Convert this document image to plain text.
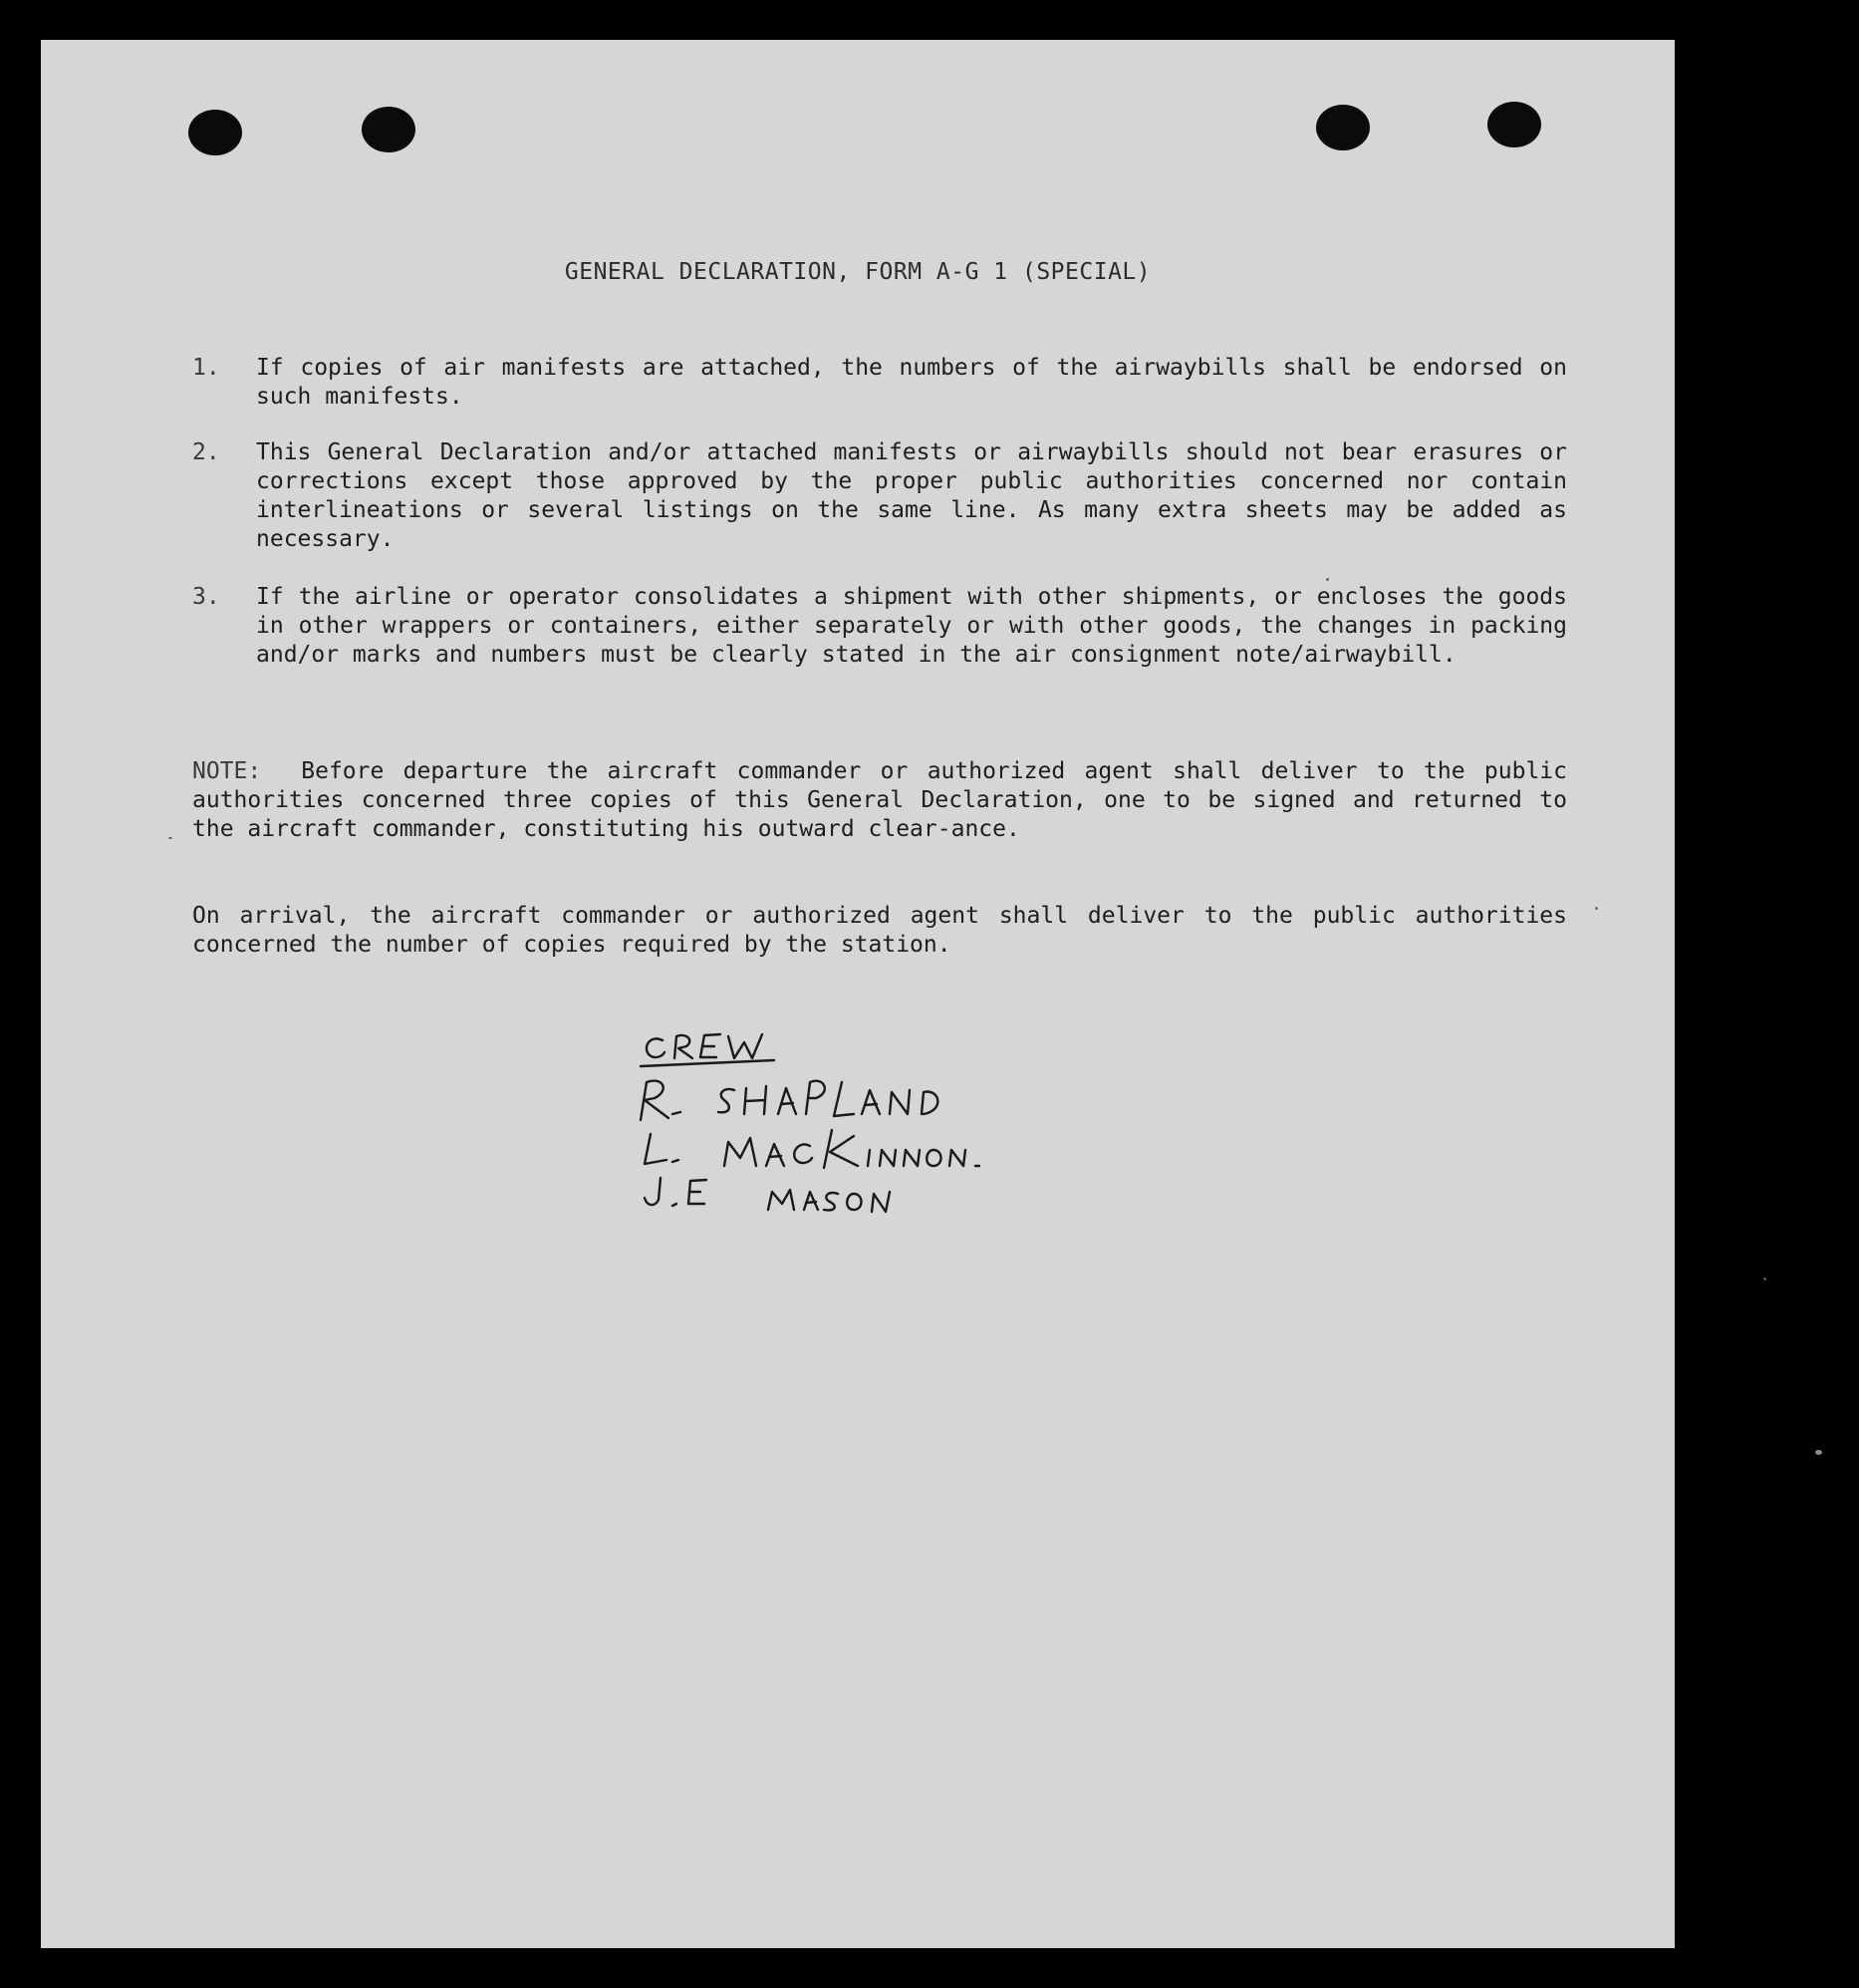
GENERAL DECLARATION, FORM A-G 1 (SPECIAL)
1.	If copies of air manifests are attached, the numbers of the airwaybills shall be endorsed on such manifests.
2.	This General Declaration and/or attached manifests or airwaybills should not bear erasures or corrections except those approved by the proper public authorities concerned nor contain interlineations or several listings on the same line. As many extra sheets may be added as necessary.
3.	If the airline or operator consolidates a shipment with other shipments, or encloses the goods in other wrappers or containers, either separately or with other goods, the changes in packing and/or marks and numbers must be clearly stated in the air consignment note/airwaybill.

NOTE: Before departure the aircraft commander or authorized agent shall deliver to the public authorities concerned three copies of this General Declaration, one to be signed and returned to the aircraft commander, constituting his outward clear-ance.

On arrival, the aircraft commander or authorized agent shall deliver to the public authorities concerned the number of copies required by the station.
